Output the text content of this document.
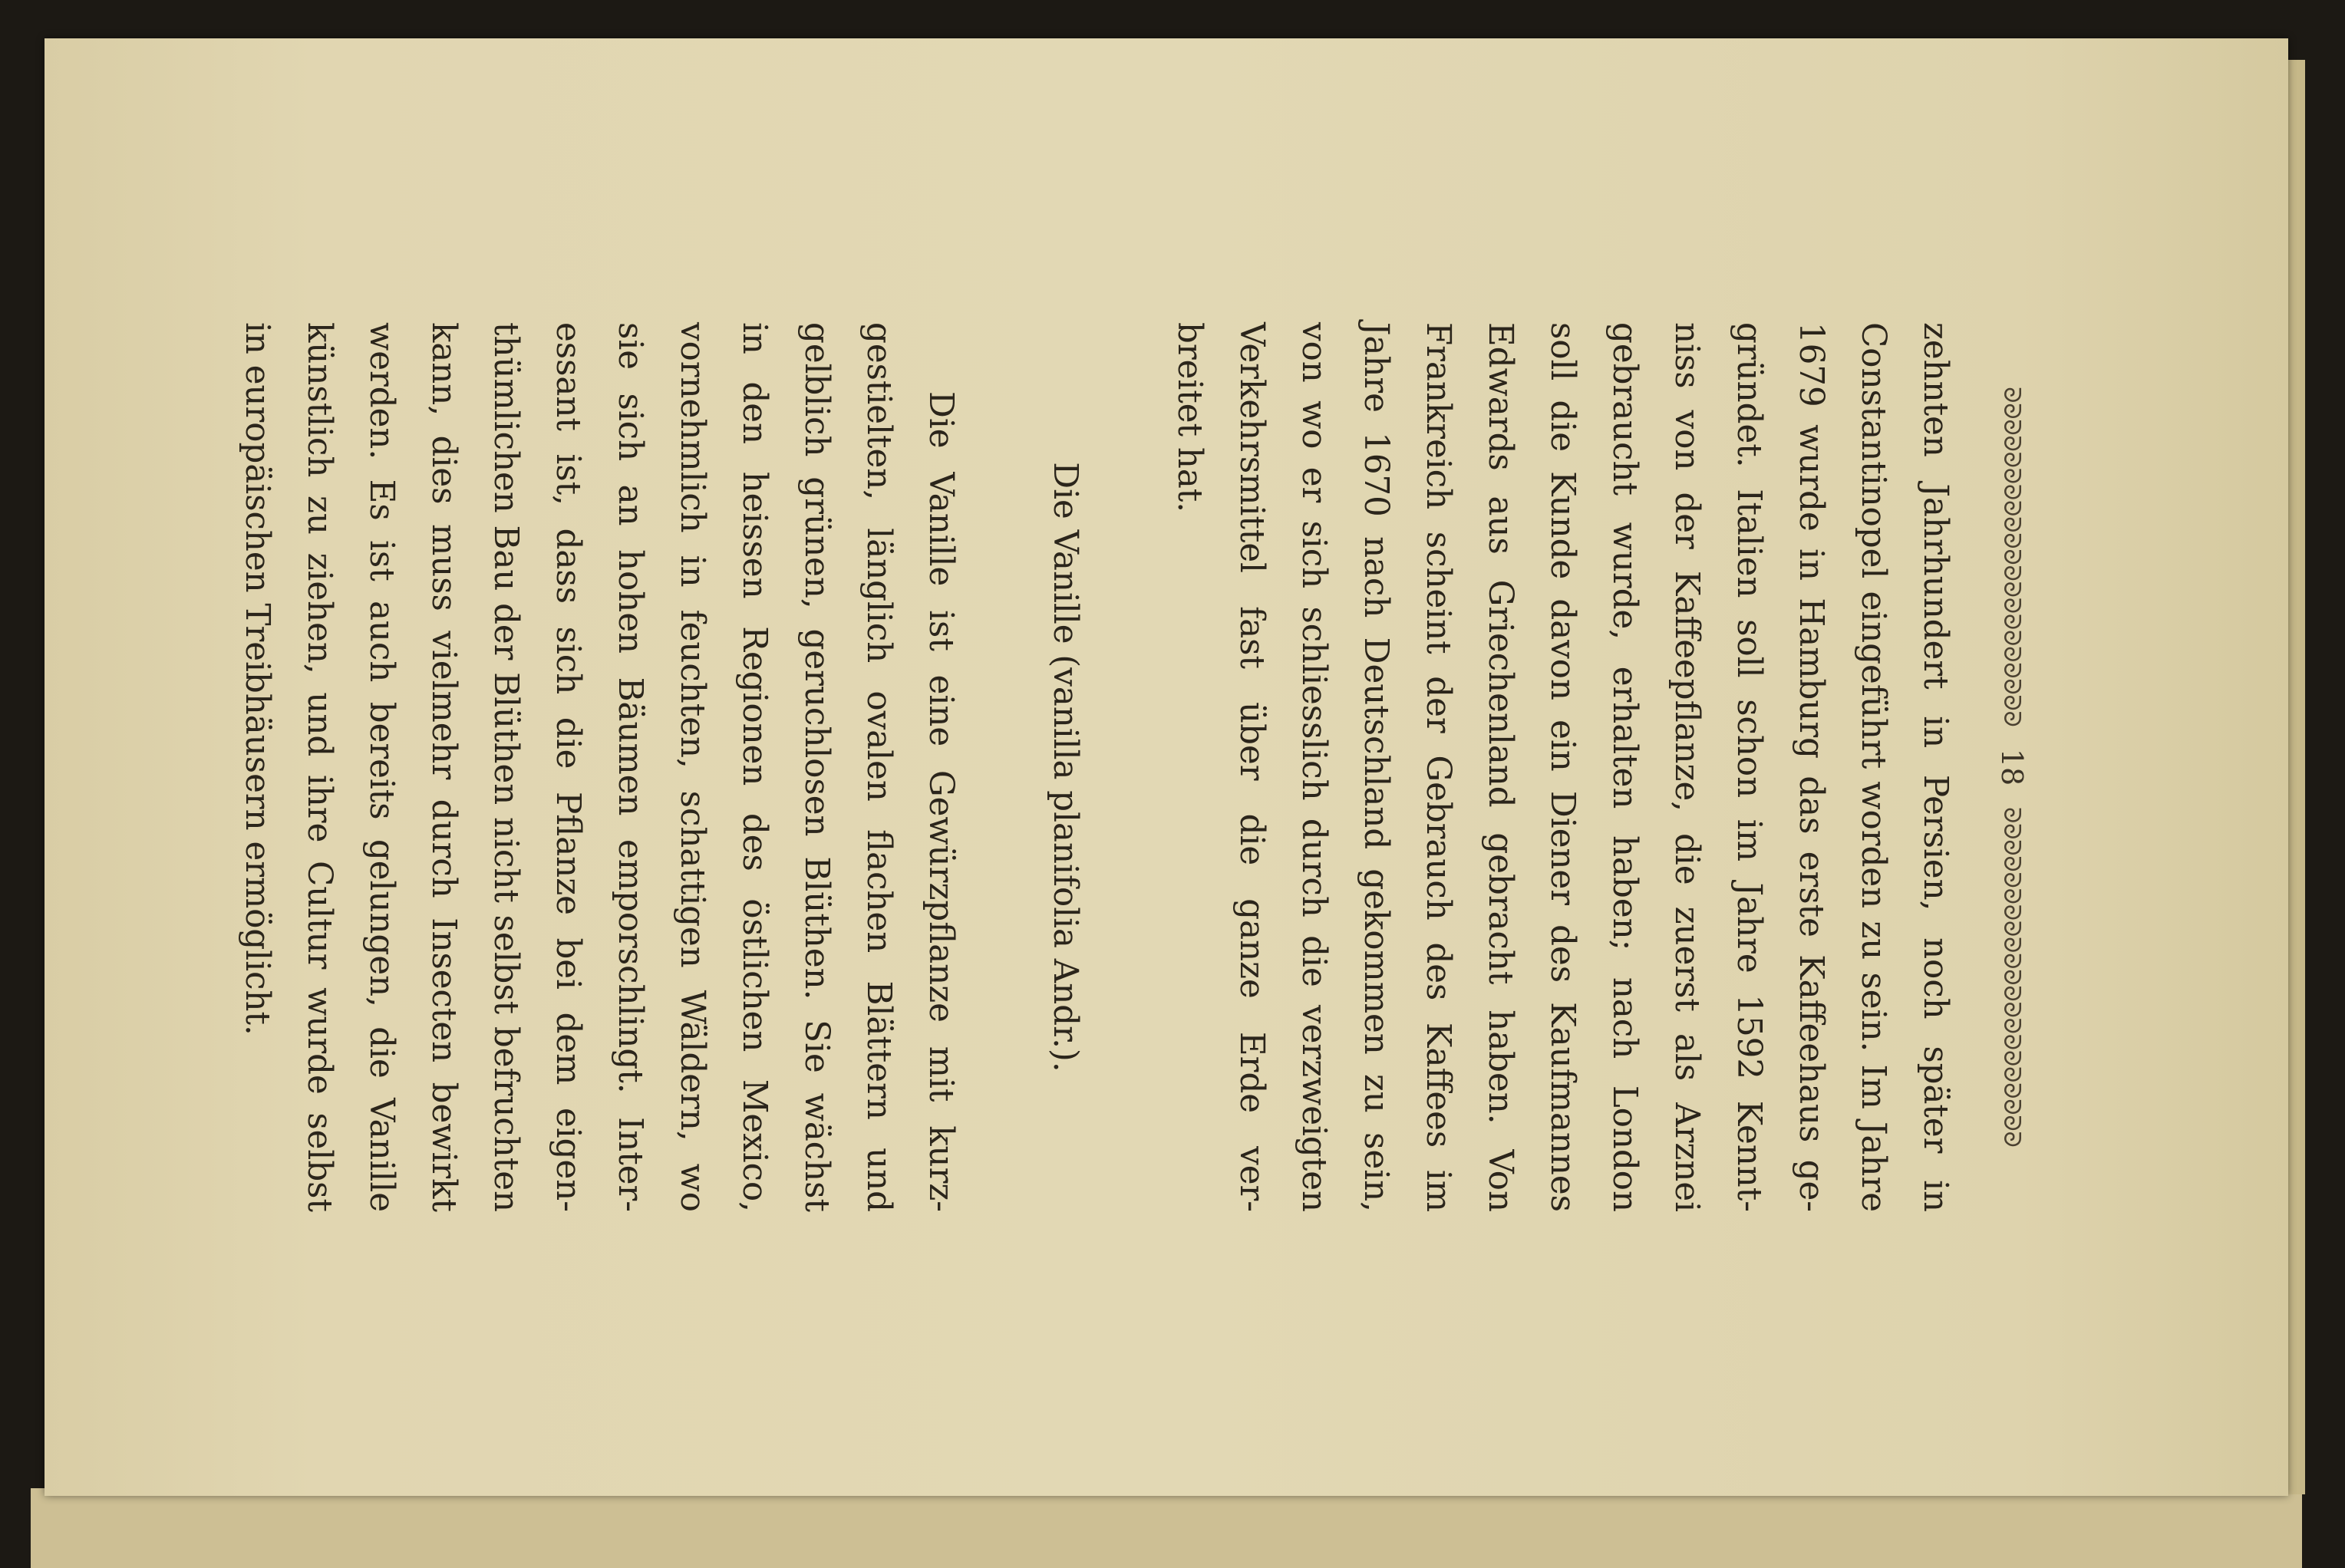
ᘐᘐᘐᘐᘐᘐᘐᘐᘐᘐᘐᘐᘐᘐᘐᘐᘐᘐᘐᘐᘐ
18
ᘐᘐᘐᘐᘐᘐᘐᘐᘐᘐᘐᘐᘐᘐᘐᘐᘐᘐᘐᘐᘐ
zehnten Jahrhundert in Persien, noch später in
Constantinopel eingeführt worden zu sein. Im Jahre
1679 wurde in Hamburg das erste Kaffeehaus ge-
gründet. Italien soll schon im Jahre 1592 Kennt-
niss von der Kaffeepflanze, die zuerst als Arznei
gebraucht wurde, erhalten haben; nach London
soll die Kunde davon ein Diener des Kaufmannes
Edwards aus Griechenland gebracht haben. Von
Frankreich scheint der Gebrauch des Kaffees im
Jahre 1670 nach Deutschland gekommen zu sein,
von wo er sich schliesslich durch die verzweigten
Verkehrsmittel fast über die ganze Erde ver-
breitet hat.
Die Vanille (vanilla planifolia Andr.).
Die Vanille ist eine Gewürzpflanze mit kurz-
gestielten, länglich ovalen flachen Blättern und
gelblich grünen, geruchlosen Blüthen. Sie wächst
in den heissen Regionen des östlichen Mexico,
vornehmlich in feuchten, schattigen Wäldern, wo
sie sich an hohen Bäumen emporschlingt. Inter-
essant ist, dass sich die Pflanze bei dem eigen-
thümlichen Bau der Blüthen nicht selbst befruchten
kann, dies muss vielmehr durch Insecten bewirkt
werden. Es ist auch bereits gelungen, die Vanille
künstlich zu ziehen, und ihre Cultur wurde selbst
in europäischen Treibhäusern ermöglicht.
